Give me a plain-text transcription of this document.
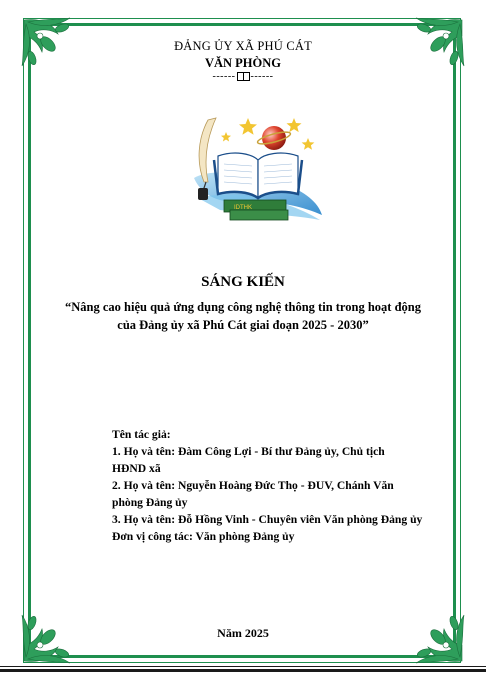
ĐẢNG ỦY XÃ PHÚ CÁT
VĂN PHÒNG
------ ------
IDTHK
SÁNG KIẾN
“Nâng cao hiệu quả ứng dụng công nghệ thông tin trong hoạt động
của Đảng ủy xã Phú Cát giai đoạn 2025 - 2030”
Tên tác giả:
1. Họ và tên: Đàm Công Lợi - Bí thư Đảng ủy, Chủ tịch
HĐND xã
2. Họ và tên: Nguyễn Hoàng Đức Thọ - ĐUV, Chánh Văn
phòng Đảng ủy
3. Họ và tên: Đỗ Hồng Vinh - Chuyên viên Văn phòng Đảng ủy
Đơn vị công tác: Văn phòng Đảng ủy
Năm 2025
